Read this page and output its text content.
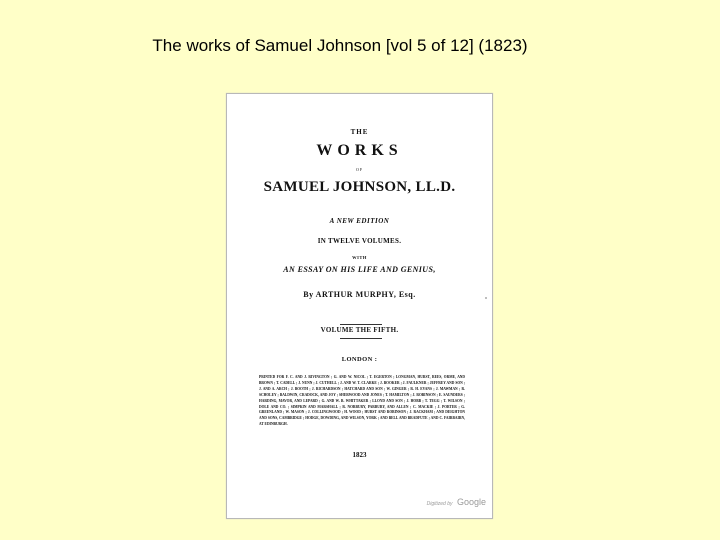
The works of Samuel Johnson [vol 5 of 12] (1823)
THE
WORKS
OF
SAMUEL JOHNSON, LL.D.
A NEW EDITION
IN TWELVE VOLUMES.
WITH
AN ESSAY ON HIS LIFE AND GENIUS,
By ARTHUR MURPHY, Esq.
VOLUME THE FIFTH.
LONDON :
PRINTED FOR F. C. AND J. RIVINGTON ; G. AND W. NICOL ; T. EGERTON ; LONGMAN, HURST, REES, ORME, AND BROWN ; T. CADELL ; J. NUNN ; J. CUTHELL ; J. AND W. T. CLARKE ; J. BOOKER ; J. FAULKNER ; JEFFREY AND SON ; J. AND A. ARCH ; J. BOOTH ; J. RICHARDSON ; HATCHARD AND SON ; W. GINGER ; R. H. EVANS ; J. MAWMAN ; R. SCHOLEY ; BALDWIN, CRADOCK, AND JOY ; SHERWOOD AND JONES ; T. HAMILTON ; J. ROBINSON ; E. SAUNDERS ; HARDING, MAVOR, AND LEPARD ; G. AND W. B. WHITTAKER ; LLOYD AND SON ; J. HOBB ; T. TEGG ; T. WILSON ; DOLE AND CO. ; SIMPKIN AND MARSHALL ; R. NORBURY, PARBURY, AND ALLEN ; C. MACKIE ; J. PORTER ; G. GREENLAND ; W. MASON ; J. COLLINGWOOD ; H. WOOD ; HURST AND ROBINSON ; J. RACKHAM ; AND DEIGHTON AND SONS, CAMBRIDGE ; HODGE, DOWDING, AND WILSON, YORK ; AND BELL AND BRADFUTE ; AND C. FAIRBAIRN, AT EDINBURGH.
1823
Digitized by Google
